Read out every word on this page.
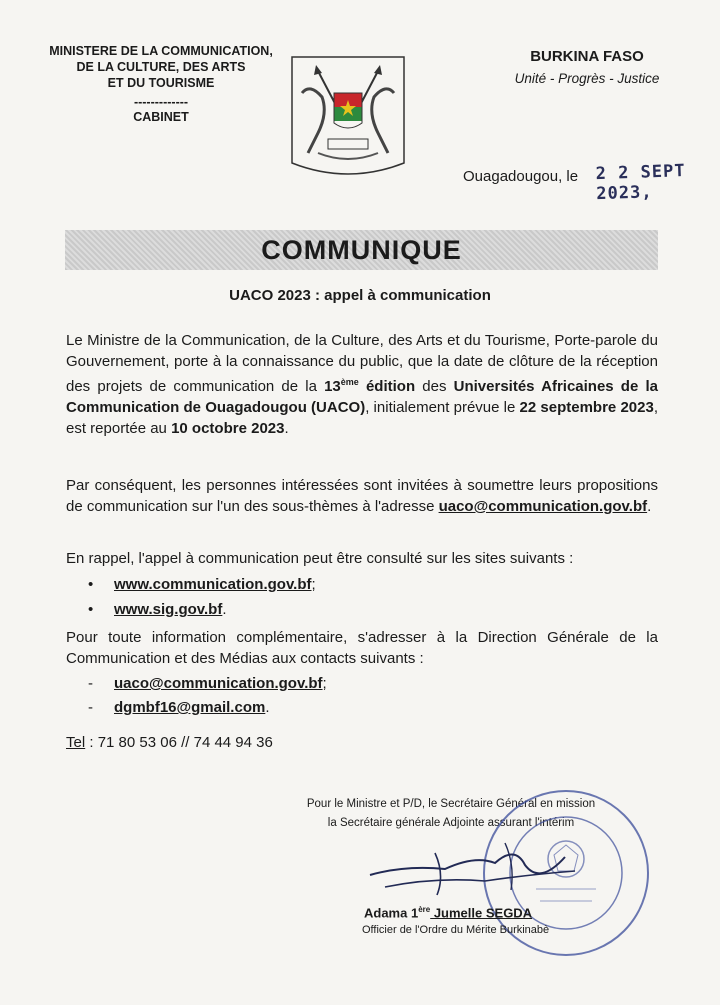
MINISTERE DE LA COMMUNICATION,
DE LA CULTURE, DES ARTS
ET DU TOURISME
-------------
CABINET
BURKINA FASO
Unité - Progrès - Justice
Ouagadougou, le 2 2 SEPT 2023,
COMMUNIQUE
UACO 2023 : appel à communication
Le Ministre de la Communication, de la Culture, des Arts et du Tourisme, Porte-parole du Gouvernement, porte à la connaissance du public, que la date de clôture de la réception des projets de communication de la 13ème édition des Universités Africaines de la Communication de Ouagadougou (UACO), initialement prévue le 22 septembre 2023, est reportée au 10 octobre 2023.
Par conséquent, les personnes intéressées sont invitées à soumettre leurs propositions de communication sur l'un des sous-thèmes à l'adresse uaco@communication.gov.bf.
En rappel, l'appel à communication peut être consulté sur les sites suivants :
•	www.communication.gov.bf ;
•	www.sig.gov.bf .
Pour toute information complémentaire, s'adresser à la Direction Générale de la Communication et des Médias aux contacts suivants :
-	uaco@communication.gov.bf ;
-	dgmbf16@gmail.com .
Tel : 71 80 53 06 // 74 44 94 36
Pour le Ministre et P/D, le Secrétaire Général en mission
la Secrétaire générale Adjointe assurant l'intérim
Adama 1ère Jumelle SEGDA
Officier de l'Ordre du Mérite Burkinabè
